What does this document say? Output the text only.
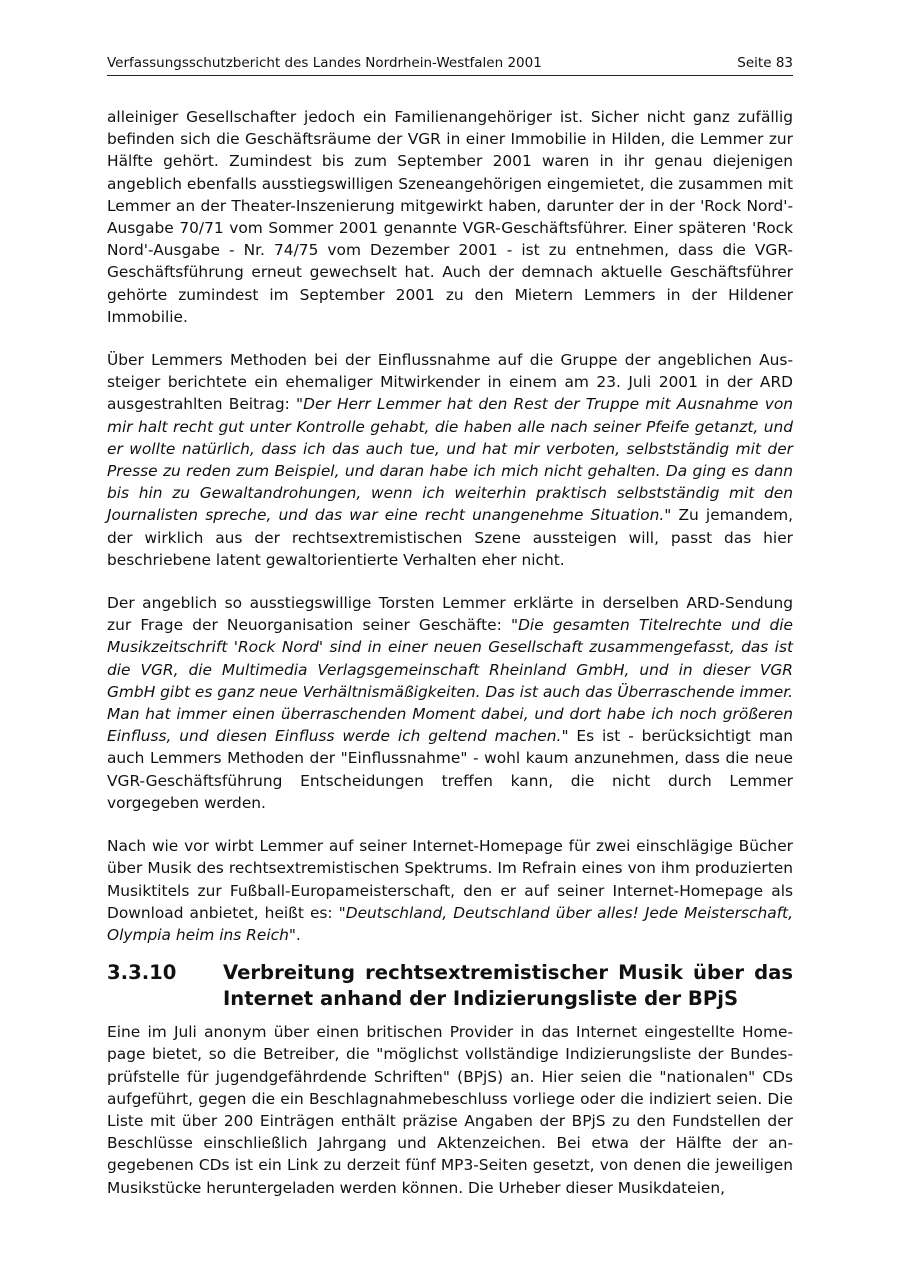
Verfassungsschutzbericht des Landes Nordrhein-Westfalen 2001	Seite 83

alleiniger Gesellschafter jedoch ein Familienangehöriger ist. Sicher nicht ganz zufällig befinden sich die Geschäftsräume der VGR in einer Immobilie in Hilden, die Lemmer zur Hälfte gehört. Zumindest bis zum September 2001 waren in ihr genau diejenigen angeblich ebenfalls ausstiegswilligen Szeneangehörigen eingemietet, die zusammen mit Lemmer an der Theater-Inszenierung mitgewirkt haben, darunter der in der 'Rock Nord'-Ausgabe 70/71 vom Sommer 2001 genannte VGR-Geschäftsführer. Einer späteren 'Rock Nord'-Ausgabe - Nr. 74/75 vom Dezember 2001 - ist zu entnehmen, dass die VGR-Geschäftsführung erneut gewechselt hat. Auch der demnach aktuelle Geschäftsführer gehörte zumindest im September 2001 zu den Mietern Lemmers in der Hildener Immobilie.

Über Lemmers Methoden bei der Einflussnahme auf die Gruppe der angeblichen Aussteiger berichtete ein ehemaliger Mitwirkender in einem am 23. Juli 2001 in der ARD ausgestrahlten Beitrag: "Der Herr Lemmer hat den Rest der Truppe mit Ausnahme von mir halt recht gut unter Kontrolle gehabt, die haben alle nach seiner Pfeife getanzt, und er wollte natürlich, dass ich das auch tue, und hat mir verboten, selbstständig mit der Presse zu reden zum Beispiel, und daran habe ich mich nicht gehalten. Da ging es dann bis hin zu Gewaltandrohungen, wenn ich weiterhin praktisch selbstständig mit den Journalisten spreche, und das war eine recht unangenehme Situation." Zu jemandem, der wirklich aus der rechtsextremistischen Szene aussteigen will, passt das hier beschriebene latent gewaltorientierte Verhalten eher nicht.

Der angeblich so ausstiegswillige Torsten Lemmer erklärte in derselben ARD-Sendung zur Frage der Neuorganisation seiner Geschäfte: "Die gesamten Titelrechte und die Musikzeitschrift 'Rock Nord' sind in einer neuen Gesellschaft zusammengefasst, das ist die VGR, die Multimedia Verlagsgemeinschaft Rheinland GmbH, und in dieser VGR GmbH gibt es ganz neue Verhältnismäßigkeiten. Das ist auch das Überraschende immer. Man hat immer einen überraschenden Moment dabei, und dort habe ich noch größeren Einfluss, und diesen Einfluss werde ich geltend machen." Es ist - berücksichtigt man auch Lemmers Methoden der "Einflussnahme" - wohl kaum anzunehmen, dass die neue VGR-Geschäftsführung Entscheidungen treffen kann, die nicht durch Lemmer vorgegeben werden.

Nach wie vor wirbt Lemmer auf seiner Internet-Homepage für zwei einschlägige Bücher über Musik des rechtsextremistischen Spektrums. Im Refrain eines von ihm produzierten Musiktitels zur Fußball-Europameisterschaft, den er auf seiner Internet-Homepage als Download anbietet, heißt es: "Deutschland, Deutschland über alles! Jede Meisterschaft, Olympia heim ins Reich".

3.3.10	Verbreitung rechtsextremistischer Musik über das Internet anhand der Indizierungsliste der BPjS

Eine im Juli anonym über einen britischen Provider in das Internet eingestellte Homepage bietet, so die Betreiber, die "möglichst vollständige Indizierungsliste der Bundesprüfstelle für jugendgefährdende Schriften" (BPjS) an. Hier seien die "nationalen" CDs aufgeführt, gegen die ein Beschlagnahmebeschluss vorliege oder die indiziert seien. Die Liste mit über 200 Einträgen enthält präzise Angaben der BPjS zu den Fundstellen der Beschlüsse einschließlich Jahrgang und Aktenzeichen. Bei etwa der Hälfte der angegebenen CDs ist ein Link zu derzeit fünf MP3-Seiten gesetzt, von denen die jeweiligen Musikstücke heruntergeladen werden können. Die Urheber dieser Musikdateien,
